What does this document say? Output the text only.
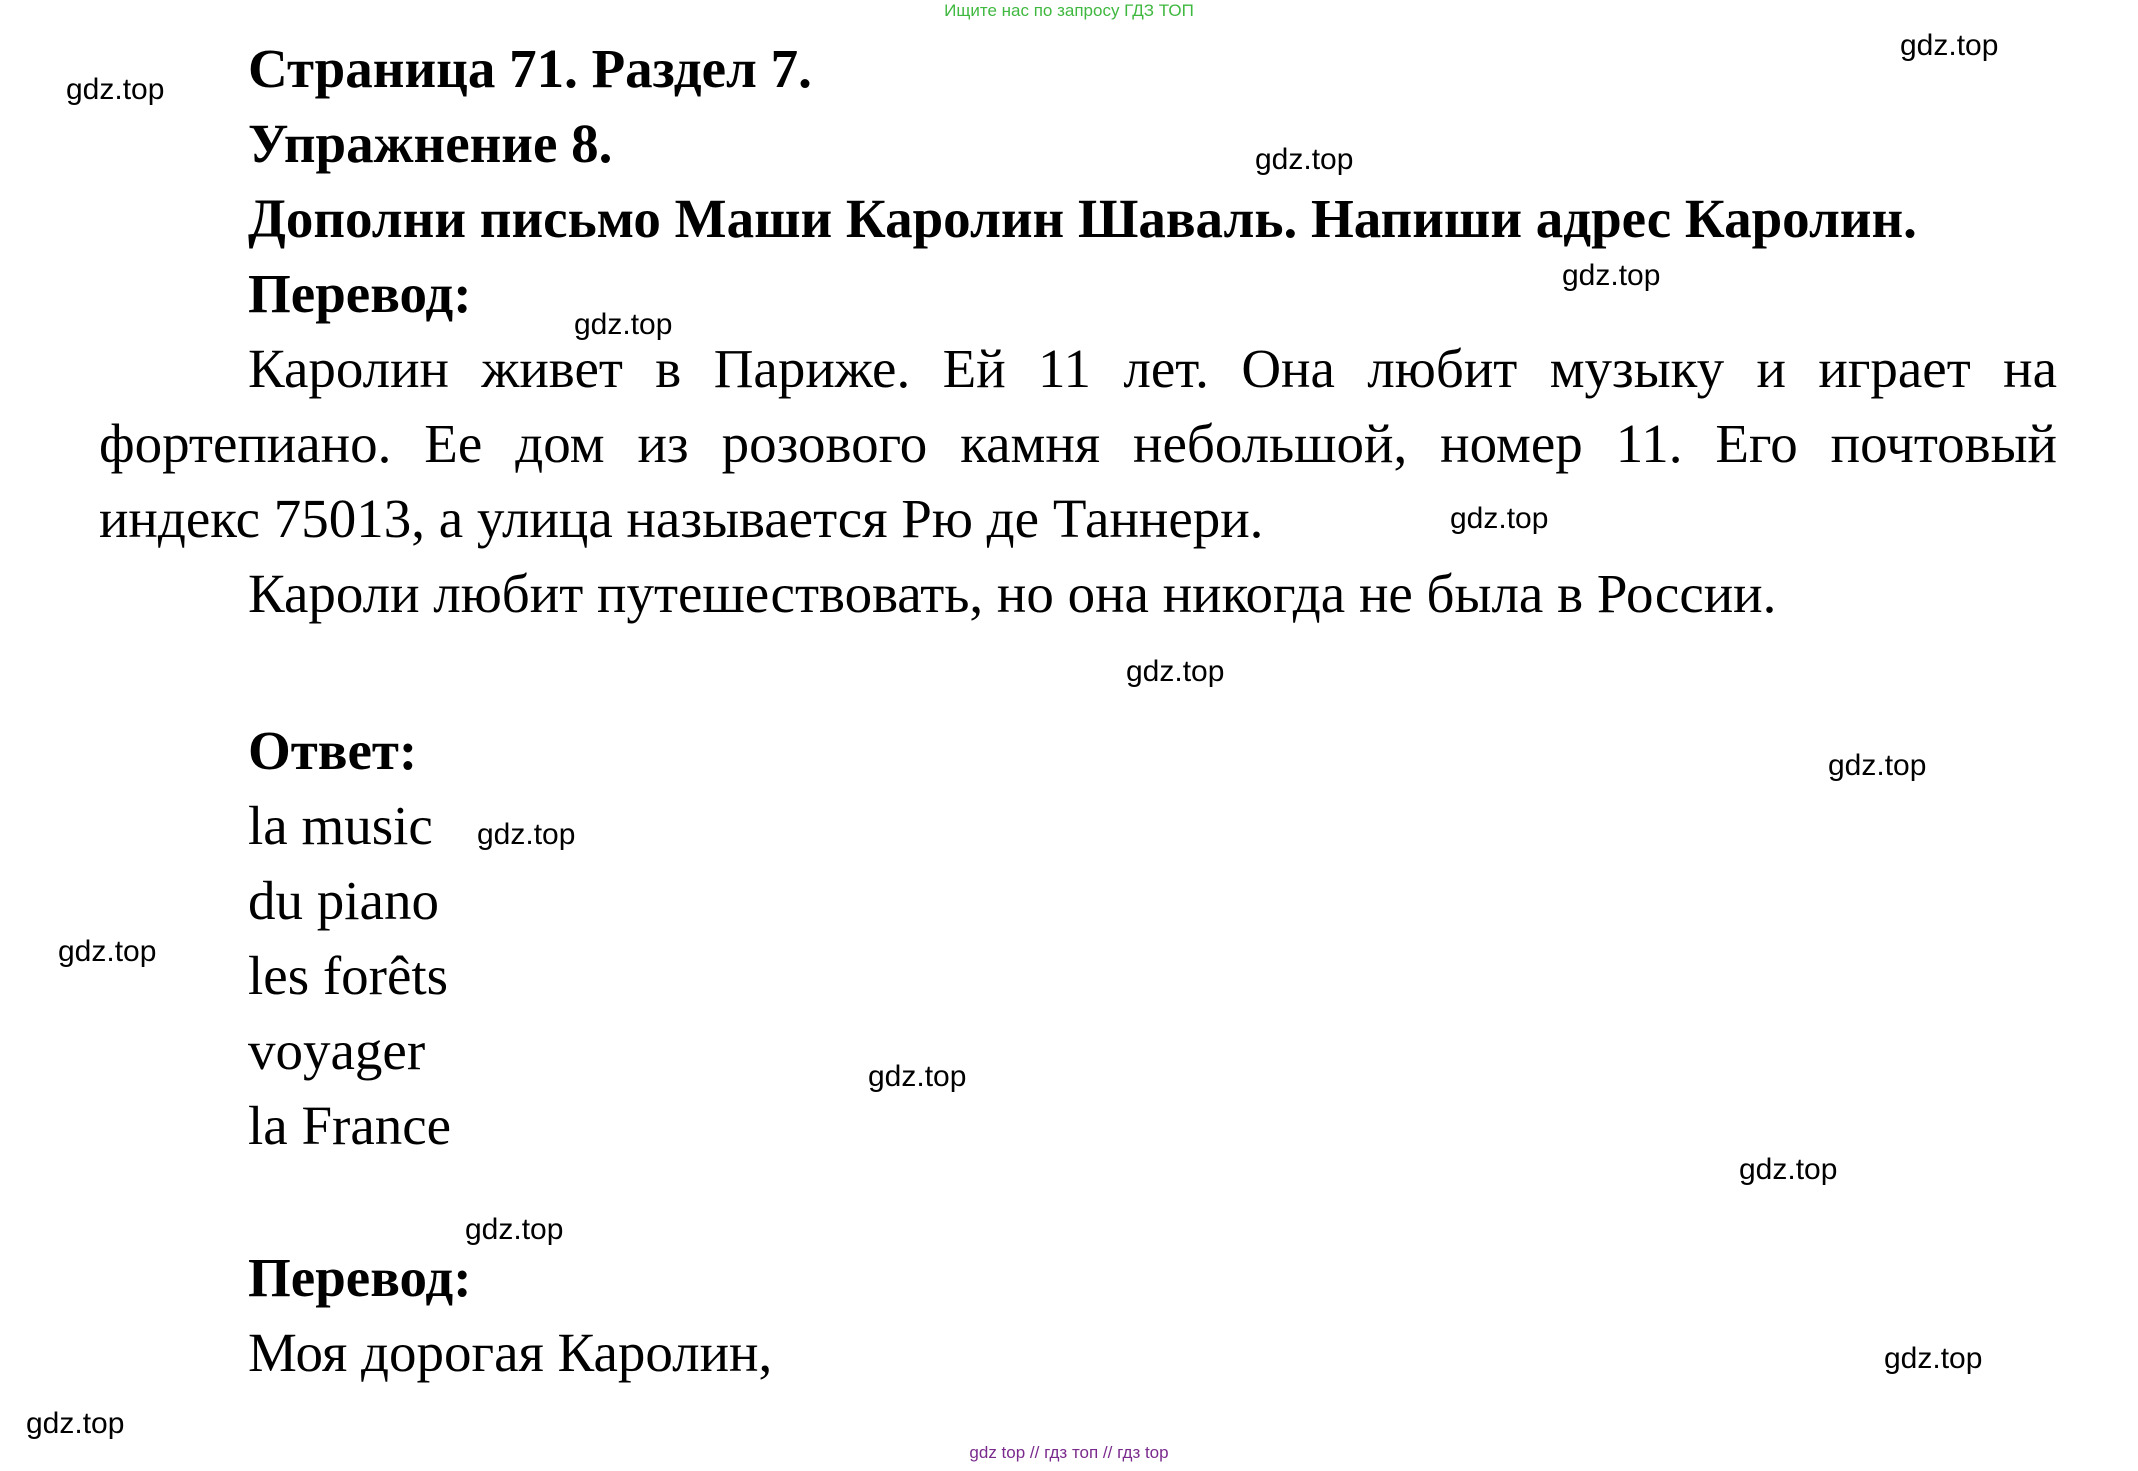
Ищите нас по запросу ГДЗ ТОП
Страница 71. Раздел 7.
Упражнение 8.
Дополни письмо Маши Каролин Шаваль. Напиши адрес Каролин.
Перевод:
Каролин живет в Париже. Ей 11 лет. Она любит музыку и играет на
фортепиано. Ее дом из розового камня небольшой, номер 11. Его почтовый
индекс 75013, а улица называется Рю де Таннери.
Кароли любит путешествовать, но она никогда не была в России.
Ответ:
la music
du piano
les forêts
voyager
la France
Перевод:
Моя дорогая Каролин,
gdz.top
gdz.top
gdz.top
gdz.top
gdz.top
gdz.top
gdz.top
gdz.top
gdz.top
gdz.top
gdz.top
gdz.top
gdz.top
gdz.top
gdz.top
gdz top // гдз топ // гдз top
